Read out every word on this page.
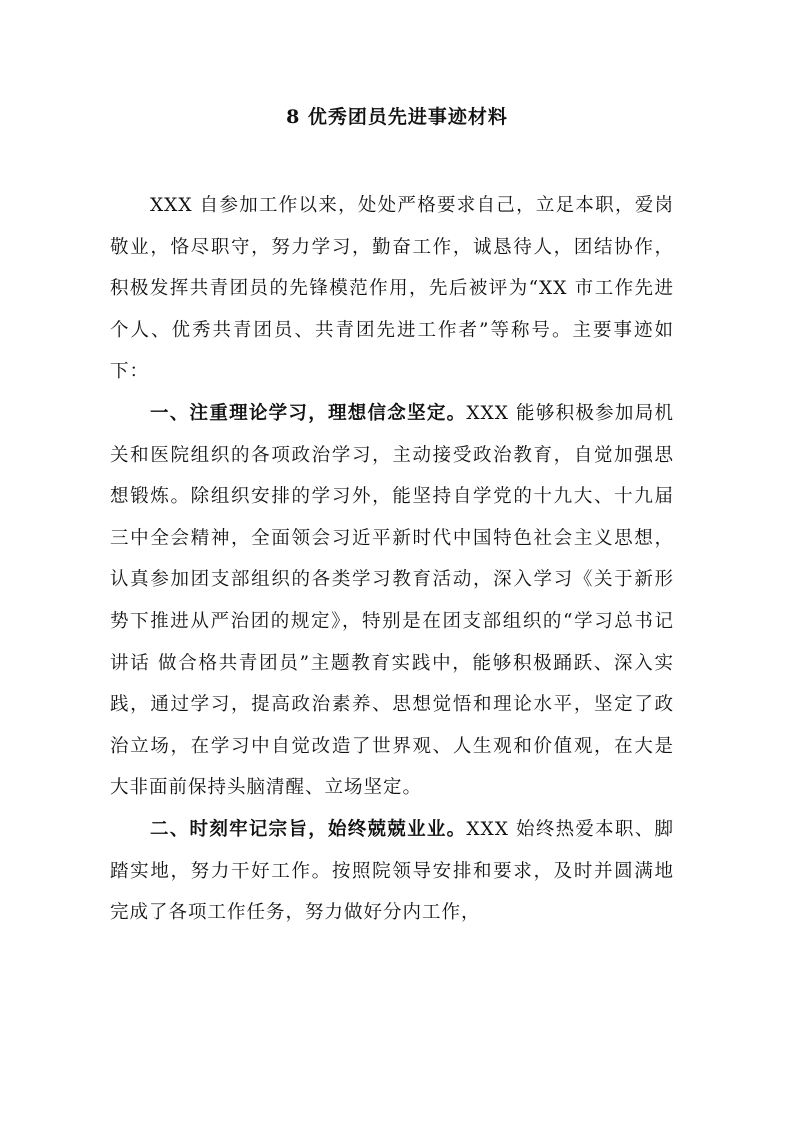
8 优秀团员先进事迹材料

XXX 自参加工作以来，处处严格要求自己，立足本职，爱岗敬业，恪尽职守，努力学习，勤奋工作，诚恳待人，团结协作，积极发挥共青团员的先锋模范作用，先后被评为“XX 市工作先进个人、优秀共青团员、共青团先进工作者”等称号。主要事迹如下：

一、注重理论学习，理想信念坚定。XXX 能够积极参加局机关和医院组织的各项政治学习，主动接受政治教育，自觉加强思想锻炼。除组织安排的学习外，能坚持自学党的十九大、十九届三中全会精神，全面领会习近平新时代中国特色社会主义思想，认真参加团支部组织的各类学习教育活动，深入学习《关于新形势下推进从严治团的规定》，特别是在团支部组织的“学习总书记讲话 做合格共青团员”主题教育实践中，能够积极踊跃、深入实践，通过学习，提高政治素养、思想觉悟和理论水平，坚定了政治立场，在学习中自觉改造了世界观、人生观和价值观，在大是大非面前保持头脑清醒、立场坚定。

二、时刻牢记宗旨，始终兢兢业业。XXX 始终热爱本职、脚踏实地，努力干好工作。按照院领导安排和要求，及时并圆满地完成了各项工作任务，努力做好分内工作，
